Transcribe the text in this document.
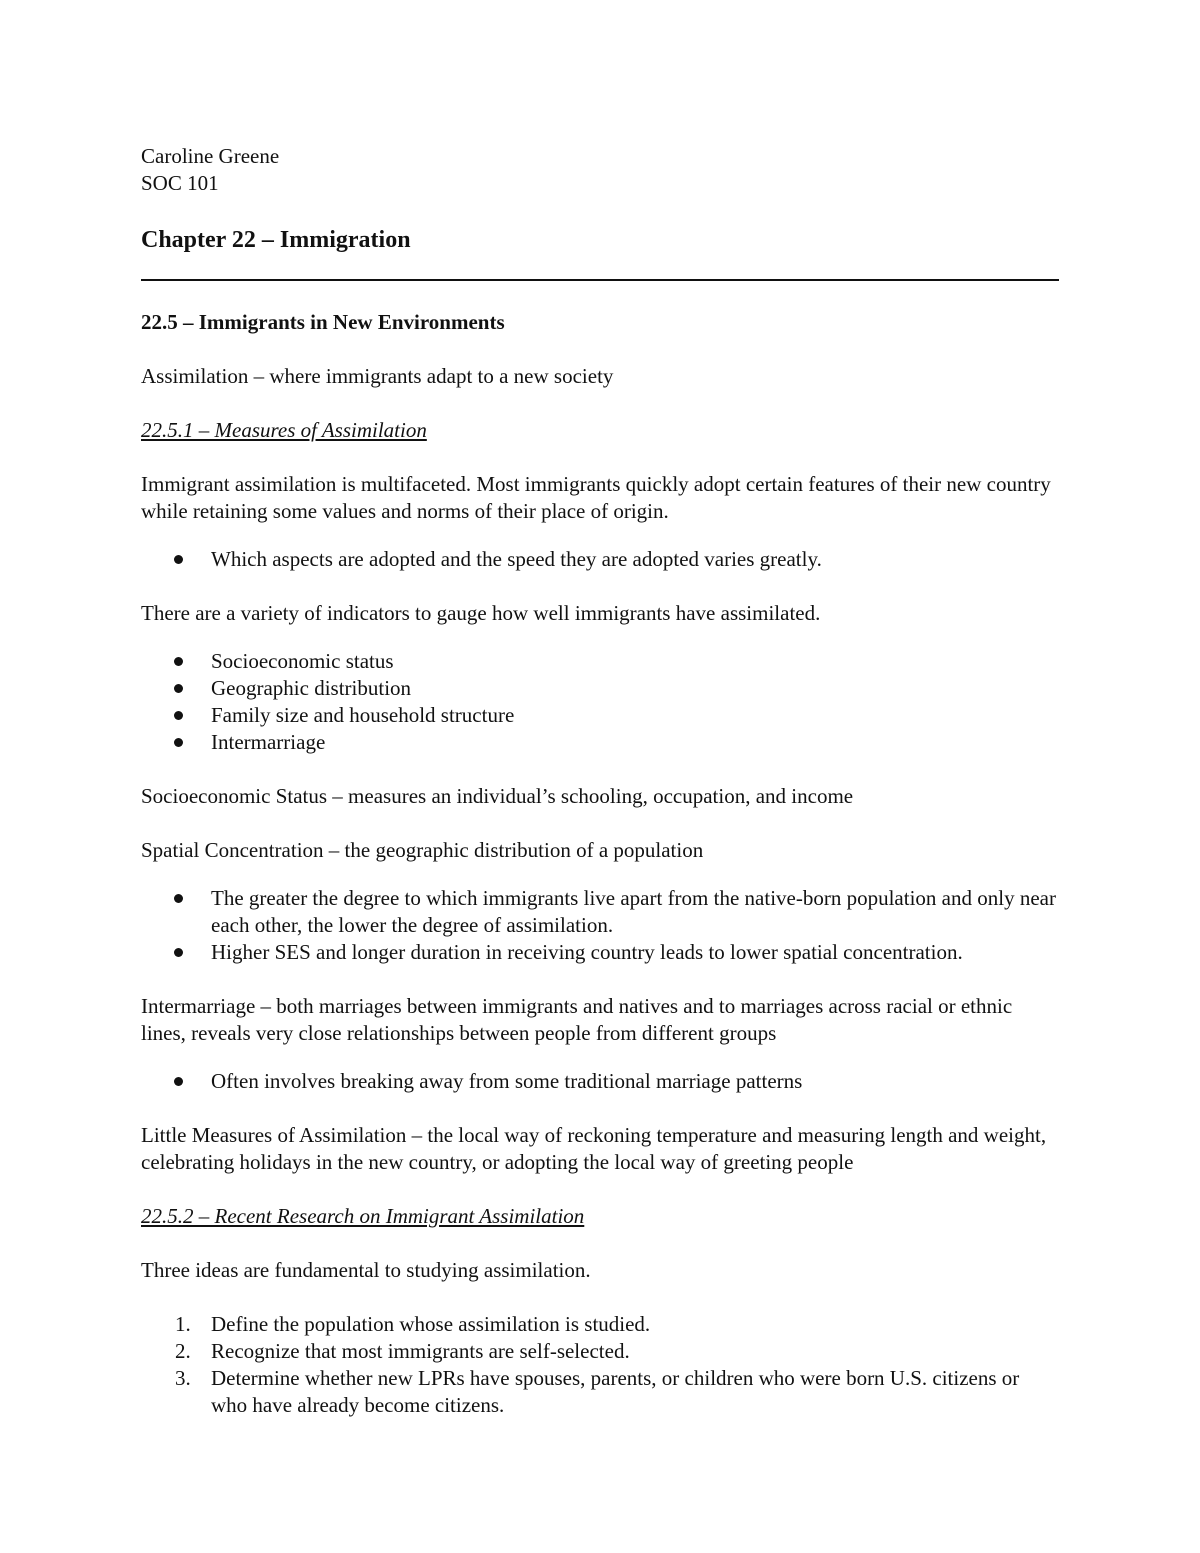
Caroline Greene

SOC 101

Chapter 22 – Immigration

22.5 – Immigrants in New Environments

Assimilation – where immigrants adapt to a new society

22.5.1 – Measures of Assimilation

Immigrant assimilation is multifaceted. Most immigrants quickly adopt certain features of their new country while retaining some values and norms of their place of origin.

Which aspects are adopted and the speed they are adopted varies greatly.

There are a variety of indicators to gauge how well immigrants have assimilated.

Socioeconomic status
Geographic distribution
Family size and household structure
Intermarriage

Socioeconomic Status – measures an individual’s schooling, occupation, and income

Spatial Concentration – the geographic distribution of a population

The greater the degree to which immigrants live apart from the native-born population and only near each other, the lower the degree of assimilation.
Higher SES and longer duration in receiving country leads to lower spatial concentration.

Intermarriage – both marriages between immigrants and natives and to marriages across racial or ethnic lines, reveals very close relationships between people from different groups

Often involves breaking away from some traditional marriage patterns

Little Measures of Assimilation – the local way of reckoning temperature and measuring length and weight, celebrating holidays in the new country, or adopting the local way of greeting people

22.5.2 – Recent Research on Immigrant Assimilation

Three ideas are fundamental to studying assimilation.

1. Define the population whose assimilation is studied.
2. Recognize that most immigrants are self-selected.
3. Determine whether new LPRs have spouses, parents, or children who were born U.S. citizens or who have already become citizens.
